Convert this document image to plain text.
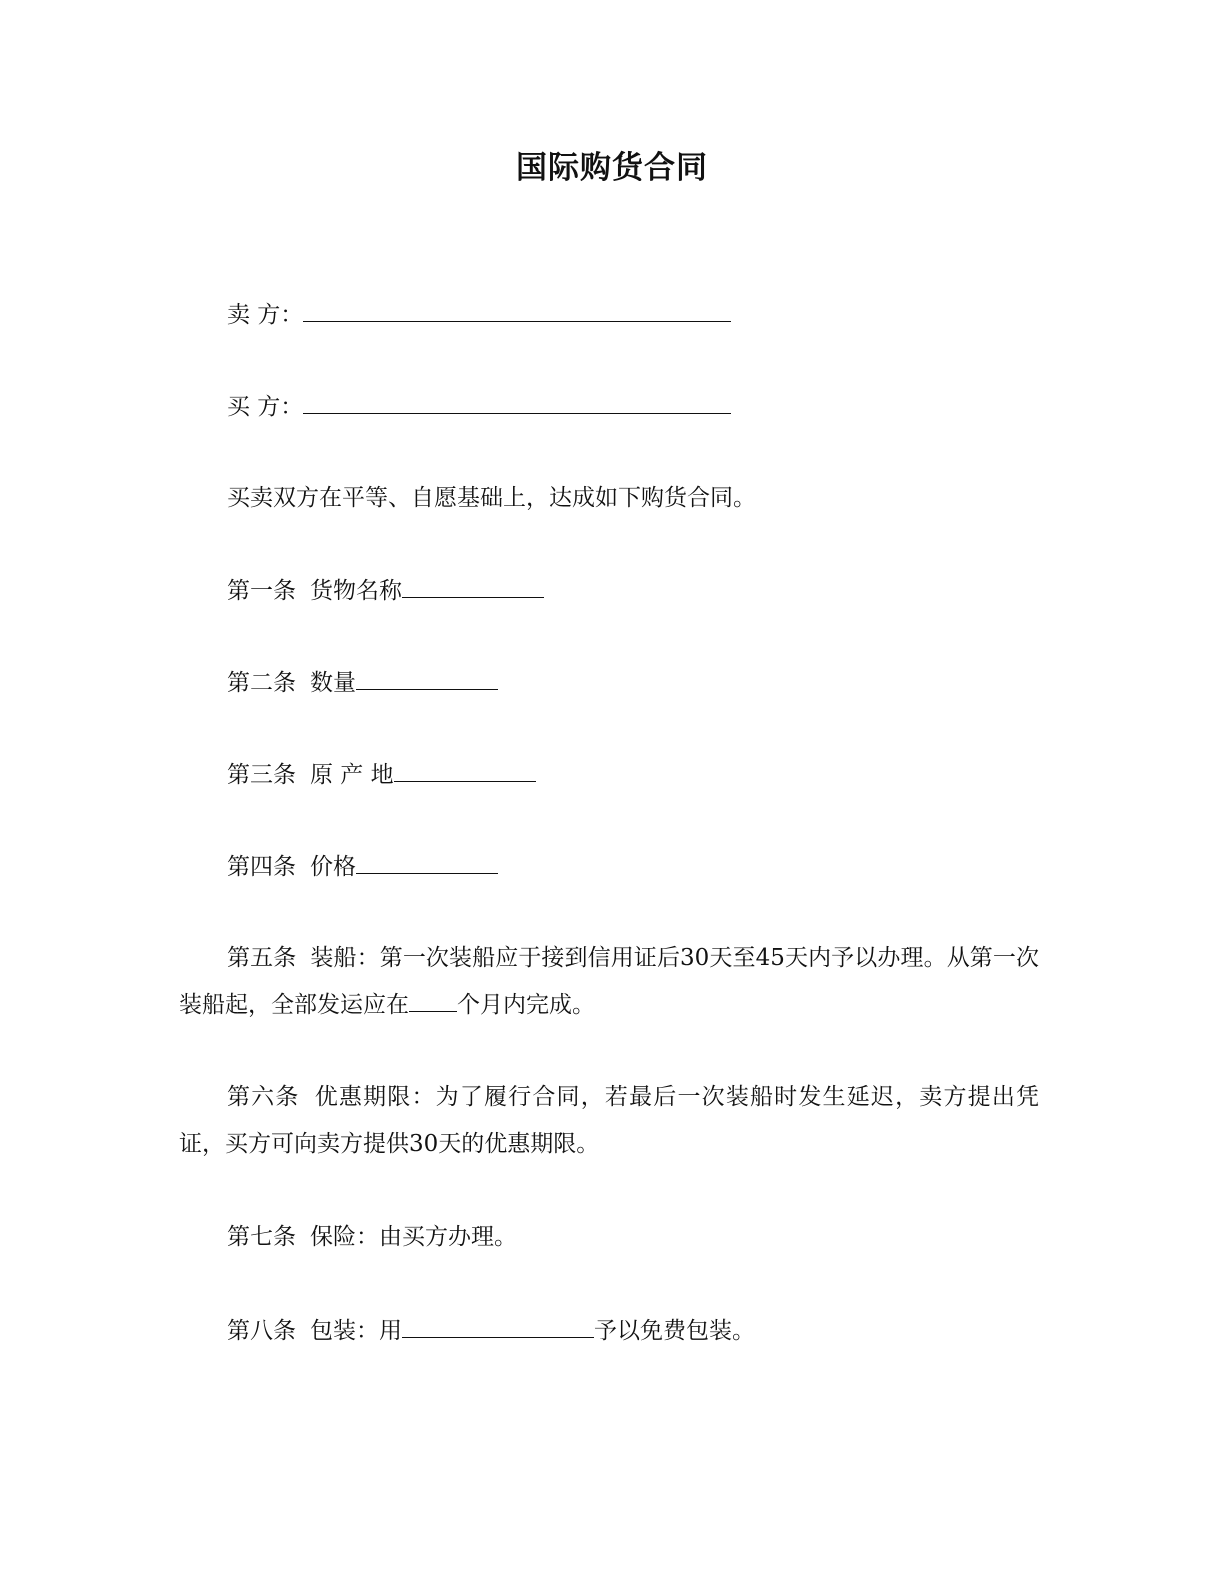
国际购货合同
卖 方：
买 方：
买卖双方在平等、自愿基础上，达成如下购货合同。
第一条 货物名称
第二条 数量
第三条 原 产 地
第四条 价格
第五条 装船：第一次装船应于接到信用证后30天至45天内予以办理。从第一次装船起，全部发运应在 个月内完成。
第六条 优惠期限：为了履行合同，若最后一次装船时发生延迟，卖方提出凭证，买方可向卖方提供30天的优惠期限。
第七条 保险：由买方办理。
第八条 包装：用	予以免费包装。
